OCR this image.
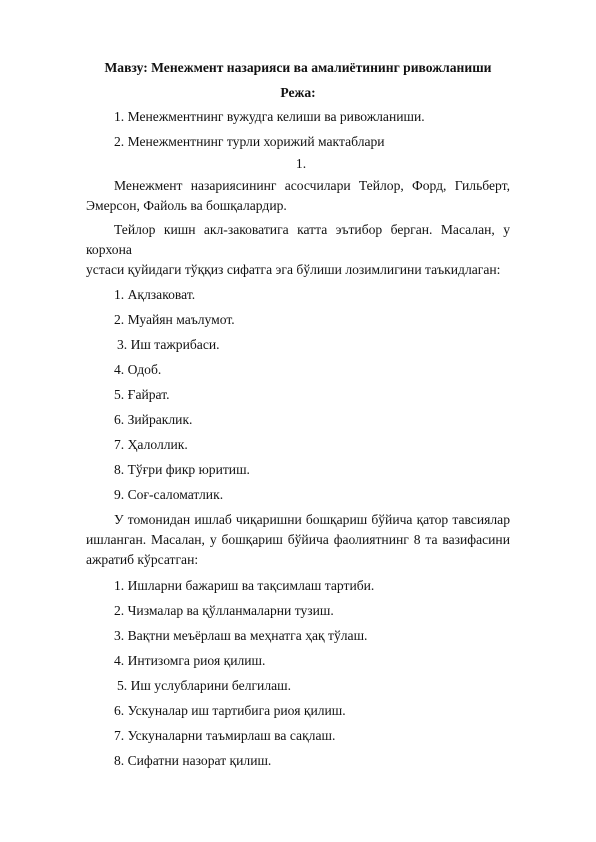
Мавзу: Менежмент назарияси ва амалиётининг ривожланиши

Режа:

1. Менежментнинг вужудга келиши ва ривожланиши.

2. Менежментнинг турли хорижий мактаблари

1.

Менежмент назариясининг асосчилари Тейлор, Форд, Гильберт,

Эмерсон, Файоль ва бошқалардир.

Тейлор кишн акл-заковатига катта эътибор берган. Масалан, у корхона

устаси қуйидаги тўққиз сифатга эга бўлиши лозимлигини таъкидлаган:

1. Ақлзаковат.

2. Муайян маълумот.

3. Иш тажрибаси.

4. Одоб.

5. Ғайрат.

6. Зийраклик.

7. Ҳалоллик.

8. Тўғри фикр юритиш.

9. Соғ-саломатлик.

У томонидан ишлаб чиқаришни бошқариш бўйича қатор тавсиялар

ишланган. Масалан, у бошқариш бўйича фаолиятнинг 8 та вазифасини

ажратиб кўрсатган:

1. Ишларни бажариш ва тақсимлаш тартиби.

2. Чизмалар ва қўлланмаларни тузиш.

3. Вақтни меъёрлаш ва меҳнатга ҳақ тўлаш.

4. Интизомга риоя қилиш.

5. Иш услубларини белгилаш.

6. Ускуналар иш тартибига риоя қилиш.

7. Ускуналарни таъмирлаш ва сақлаш.

8. Сифатни назорат қилиш.
